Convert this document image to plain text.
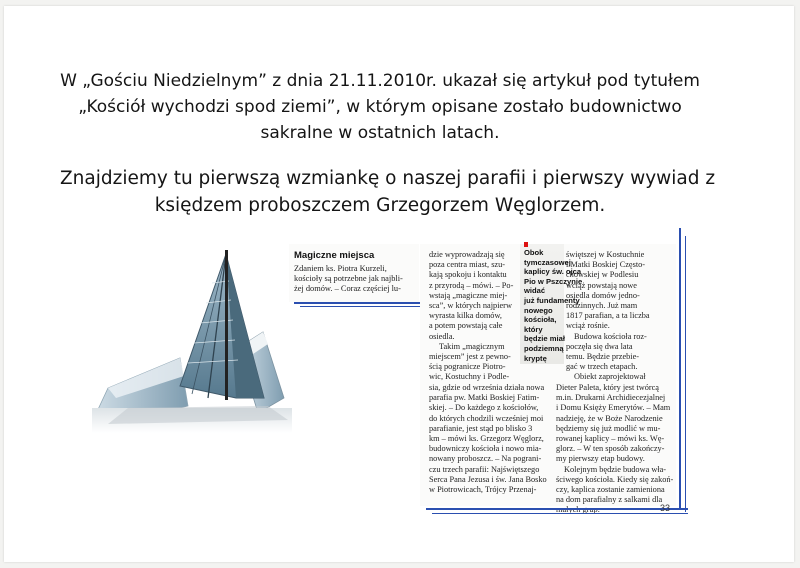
W „Gościu Niedzielnym” z dnia 21.11.2010r. ukazał się artykuł pod tytułem
„Kościół wychodzi spod ziemi”, w którym opisane zostało budownictwo
sakralne w ostatnich latach.
Znajdziemy tu pierwszą wzmiankę o naszej parafii i pierwszy wywiad z
księdzem proboszczem Grzegorzem Węglorzem.
Magiczne miejsca
Zdaniem ks. Piotra Kurzeli,
kościoły są potrzebne jak najbli-
żej domów. – Coraz częściej lu-
Obok
tymczasowej
kaplicy św. ojca
Pio w Pszczynie
widać
już fundamenty
nowego
kościoła,
który
będzie miał
podziemną
kryptę
dzie wyprowadzają się
poza centra miast, szu-
kają spokoju i kontaktu
z przyrodą – mówi. – Po-
wstają „magiczne miej-
sca”, w których najpierw
wyrasta kilka domów,
a potem powstają całe
osiedla.
Takim „magicznym
miejscem” jest z pewno-
ścią pogranicze Piotro-
wic, Kostuchny i Podle-
sia, gdzie od września działa nowa
parafia pw. Matki Boskiej Fatim-
skiej. – Do każdego z kościołów,
do których chodzili wcześniej moi
parafianie, jest stąd po blisko 3
km – mówi ks. Grzegorz Węglorz,
budowniczy kościoła i nowo mia-
nowany proboszcz. – Na pograni-
czu trzech parafii: Najświętszego
Serca Pana Jezusa i św. Jana Bosko
w Piotrowicach, Trójcy Przenaj-
świętszej w Kostuchnie
i Matki Boskiej Często-
chowskiej w Podlesiu
wciąż powstają nowe
osiedla domów jedno-
rodzinnych. Już mam
1817 parafian, a ta liczba
wciąż rośnie.
Budowa kościoła roz-
poczęła się dwa lata
temu. Będzie przebie-
gać w trzech etapach.
Obiekt zaprojektował
Dieter Paleta, który jest twórcą
m.in. Drukarni Archidiecezjalnej
i Domu Księży Emerytów. – Mam
nadzieję, że w Boże Narodzenie
będziemy się już modlić w mu-
rowanej kaplicy – mówi ks. Wę-
glorz. – W ten sposób zakończy-
my pierwszy etap budowy.
Kolejnym będzie budowa wła-
ściwego kościoła. Kiedy się zakoń-
czy, kaplica zostanie zamieniona
na dom parafialny z salkami dla
33
